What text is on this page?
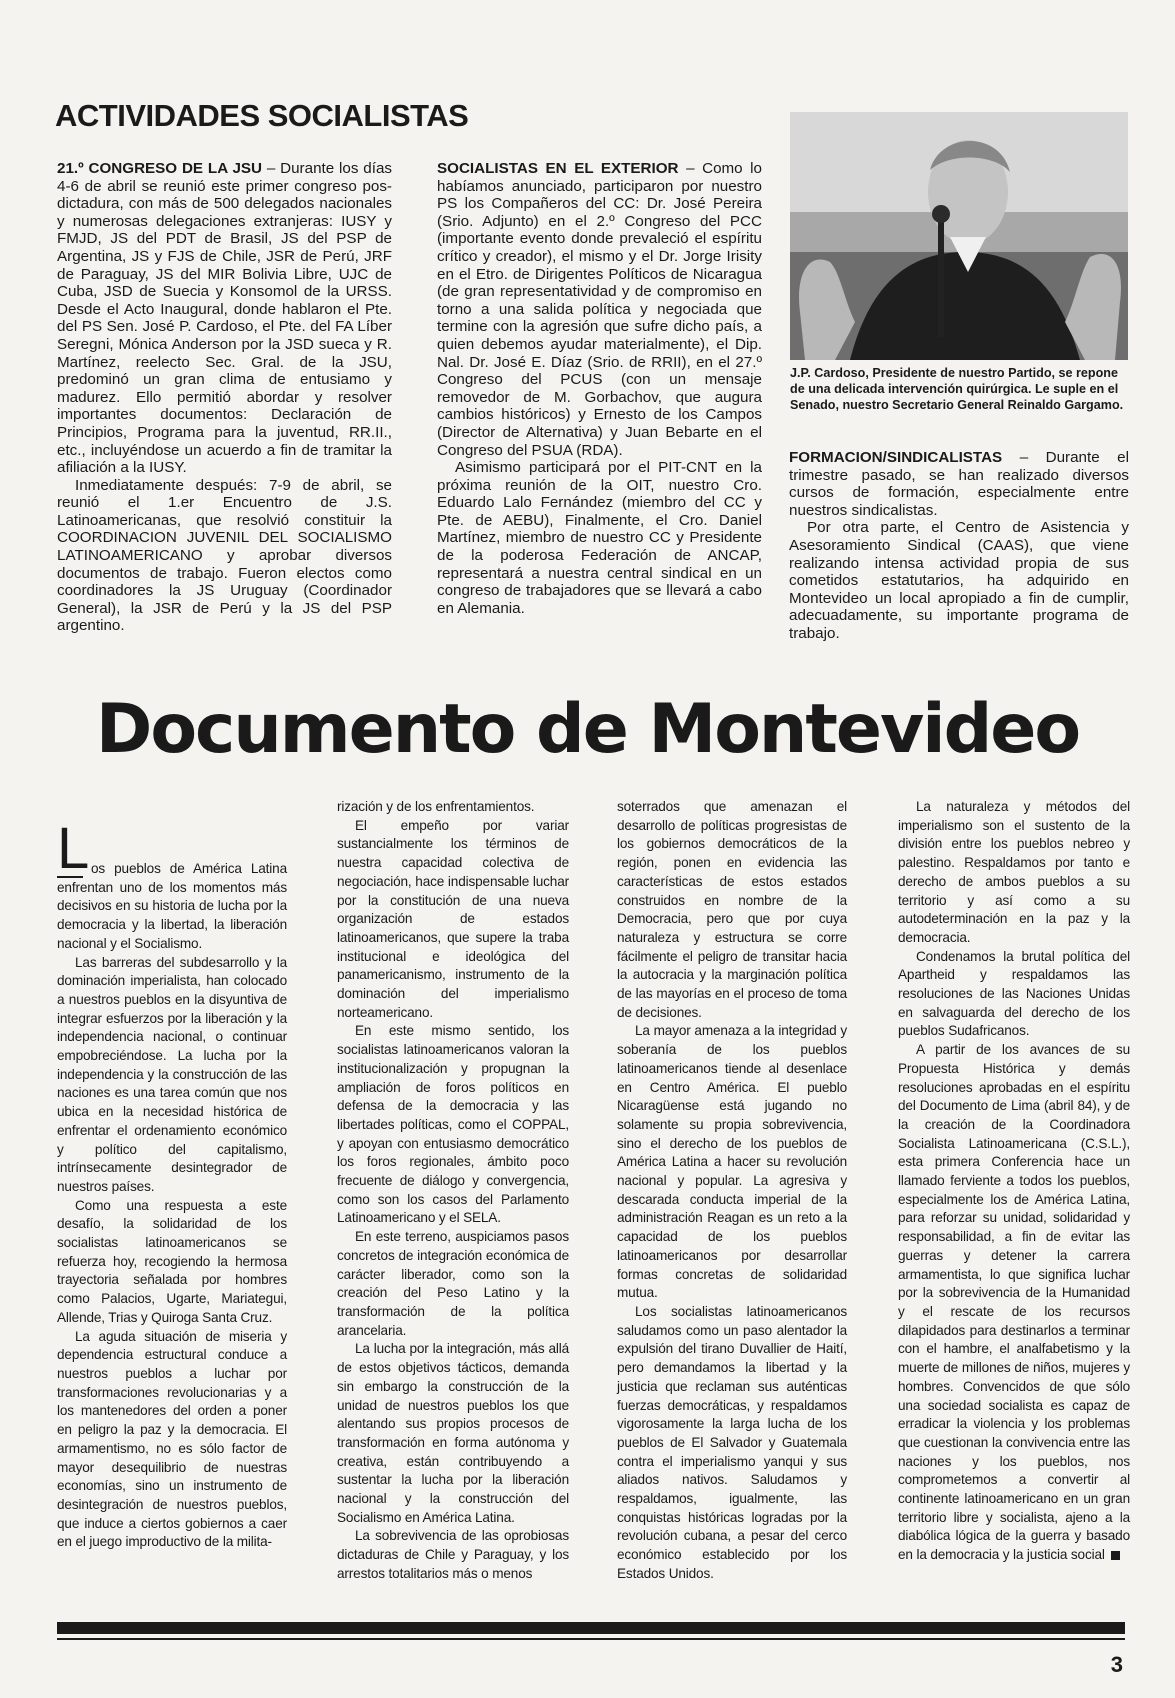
ACTIVIDADES SOCIALISTAS

21.º CONGRESO DE LA JSU – Durante los días 4-6 de abril se reunió este primer congreso pos-dictadura, con más de 500 delegados nacionales y numerosas delegaciones extranjeras: IUSY y FMJD, JS del PDT de Brasil, JS del PSP de Argentina, JS y FJS de Chile, JSR de Perú, JRF de Paraguay, JS del MIR Bolivia Libre, UJC de Cuba, JSD de Suecia y Konsomol de la URSS. Desde el Acto Inaugural, donde hablaron el Pte. del PS Sen. José P. Cardoso, el Pte. del FA Líber Seregni, Mónica Anderson por la JSD sueca y R. Martínez, reelecto Sec. Gral. de la JSU, predominó un gran clima de entusiamo y madurez. Ello permitió abordar y resolver importantes documentos: Declaración de Principios, Programa para la juventud, RR.II., etc., incluyéndose un acuerdo a fin de tramitar la afiliación a la IUSY.

Inmediatamente después: 7-9 de abril, se reunió el 1.er Encuentro de J.S. Latinoamericanas, que resolvió constituir la COORDINACION JUVENIL DEL SOCIALISMO LATINOAMERICANO y aprobar diversos documentos de trabajo. Fueron electos como coordinadores la JS Uruguay (Coordinador General), la JSR de Perú y la JS del PSP argentino.

SOCIALISTAS EN EL EXTERIOR – Como lo habíamos anunciado, participaron por nuestro PS los Compañeros del CC: Dr. José Pereira (Srio. Adjunto) en el 2.º Congreso del PCC (importante evento donde prevaleció el espíritu crítico y creador), el mismo y el Dr. Jorge Irisity en el Etro. de Dirigentes Políticos de Nicaragua (de gran representatividad y de compromiso en torno a una salida política y negociada que termine con la agresión que sufre dicho país, a quien debemos ayudar materialmente), el Dip. Nal. Dr. José E. Díaz (Srio. de RRII), en el 27.º Congreso del PCUS (con un mensaje removedor de M. Gorbachov, que augura cambios históricos) y Ernesto de los Campos (Director de Alternativa) y Juan Bebarte en el Congreso del PSUA (RDA).

Asimismo participará por el PIT-CNT en la próxima reunión de la OIT, nuestro Cro. Eduardo Lalo Fernández (miembro del CC y Pte. de AEBU), Finalmente, el Cro. Daniel Martínez, miembro de nuestro CC y Presidente de la poderosa Federación de ANCAP, representará a nuestra central sindical en un congreso de trabajadores que se llevará a cabo en Alemania.

J.P. Cardoso, Presidente de nuestro Partido, se repone de una delicada intervención quirúrgica. Le suple en el Senado, nuestro Secretario General Reinaldo Gargamo.

FORMACION/SINDICALISTAS – Durante el trimestre pasado, se han realizado diversos cursos de formación, especialmente entre nuestros sindicalistas.

Por otra parte, el Centro de Asistencia y Asesoramiento Sindical (CAAS), que viene realizando intensa actividad propia de sus cometidos estatutarios, ha adquirido en Montevideo un local apropiado a fin de cumplir, adecuadamente, su importante programa de trabajo.

Documento de Montevideo
L os pueblos de América Latina enfrentan uno de los momentos más decisivos en su historia de lucha por la democracia y la libertad, la liberación nacional y el Socialismo.

Las barreras del subdesarrollo y la dominación imperialista, han colocado a nuestros pueblos en la disyuntiva de integrar esfuerzos por la liberación y la independencia nacional, o continuar empobreciéndose. La lucha por la independencia y la construcción de las naciones es una tarea común que nos ubica en la necesidad histórica de enfrentar el ordenamiento económico y político del capitalismo, intrínsecamente desintegrador de nuestros países.

Como una respuesta a este desafío, la solidaridad de los socialistas latinoamericanos se refuerza hoy, recogiendo la hermosa trayectoria señalada por hombres como Palacios, Ugarte, Mariategui, Allende, Trias y Quiroga Santa Cruz.

La aguda situación de miseria y dependencia estructural conduce a nuestros pueblos a luchar por transformaciones revolucionarias y a los mantenedores del orden a poner en peligro la paz y la democracia. El armamentismo, no es sólo factor de mayor desequilibrio de nuestras economías, sino un instrumento de desintegración de nuestros pueblos, que induce a ciertos gobiernos a caer en el juego improductivo de la milita-

rización y de los enfrentamientos.

El empeño por variar sustancialmente los términos de nuestra capacidad colectiva de negociación, hace indispensable luchar por la constitución de una nueva organización de estados latinoamericanos, que supere la traba institucional e ideológica del panamericanismo, instrumento de la dominación del imperialismo norteamericano.

En este mismo sentido, los socialistas latinoamericanos valoran la institucionalización y propugnan la ampliación de foros políticos en defensa de la democracia y las libertades políticas, como el COPPAL, y apoyan con entusiasmo democrático los foros regionales, ámbito poco frecuente de diálogo y convergencia, como son los casos del Parlamento Latinoamericano y el SELA.

En este terreno, auspiciamos pasos concretos de integración económica de carácter liberador, como son la creación del Peso Latino y la transformación de la política arancelaria.

La lucha por la integración, más allá de estos objetivos tácticos, demanda sin embargo la construcción de la unidad de nuestros pueblos los que alentando sus propios procesos de transformación en forma autónoma y creativa, están contribuyendo a sustentar la lucha por la liberación nacional y la construcción del Socialismo en América Latina.

La sobrevivencia de las oprobiosas dictaduras de Chile y Paraguay, y los arrestos totalitarios más o menos

soterrados que amenazan el desarrollo de políticas progresistas de los gobiernos democráticos de la región, ponen en evidencia las características de estos estados construidos en nombre de la Democracia, pero que por cuya naturaleza y estructura se corre fácilmente el peligro de transitar hacia la autocracia y la marginación política de las mayorías en el proceso de toma de decisiones.

La mayor amenaza a la integridad y soberanía de los pueblos latinoamericanos tiende al desenlace en Centro América. El pueblo Nicaragüense está jugando no solamente su propia sobrevivencia, sino el derecho de los pueblos de América Latina a hacer su revolución nacional y popular. La agresiva y descarada conducta imperial de la administración Reagan es un reto a la capacidad de los pueblos latinoamericanos por desarrollar formas concretas de solidaridad mutua.

Los socialistas latinoamericanos saludamos como un paso alentador la expulsión del tirano Duvallier de Haití, pero demandamos la libertad y la justicia que reclaman sus auténticas fuerzas democráticas, y respaldamos vigorosamente la larga lucha de los pueblos de El Salvador y Guatemala contra el imperialismo yanqui y sus aliados nativos. Saludamos y respaldamos, igualmente, las conquistas históricas logradas por la revolución cubana, a pesar del cerco económico establecido por los Estados Unidos.

La naturaleza y métodos del imperialismo son el sustento de la división entre los pueblos nebreo y palestino. Respaldamos por tanto e derecho de ambos pueblos a su territorio y así como a su autodeterminación en la paz y la democracia.

Condenamos la brutal política del Apartheid y respaldamos las resoluciones de las Naciones Unidas en salvaguarda del derecho de los pueblos Sudafricanos.

A partir de los avances de su Propuesta Histórica y demás resoluciones aprobadas en el espíritu del Documento de Lima (abril 84), y de la creación de la Coordinadora Socialista Latinoamericana (C.S.L.), esta primera Conferencia hace un llamado ferviente a todos los pueblos, especialmente los de América Latina, para reforzar su unidad, solidaridad y responsabilidad, a fin de evitar las guerras y detener la carrera armamentista, lo que significa luchar por la sobrevivencia de la Humanidad y el rescate de los recursos dilapidados para destinarlos a terminar con el hambre, el analfabetismo y la muerte de millones de niños, mujeres y hombres. Convencidos de que sólo una sociedad socialista es capaz de erradicar la violencia y los problemas que cuestionan la convivencia entre las naciones y los pueblos, nos comprometemos a convertir al continente latinoamericano en un gran territorio libre y socialista, ajeno a la diabólica lógica de la guerra y basado en la democracia y la justicia social

3
